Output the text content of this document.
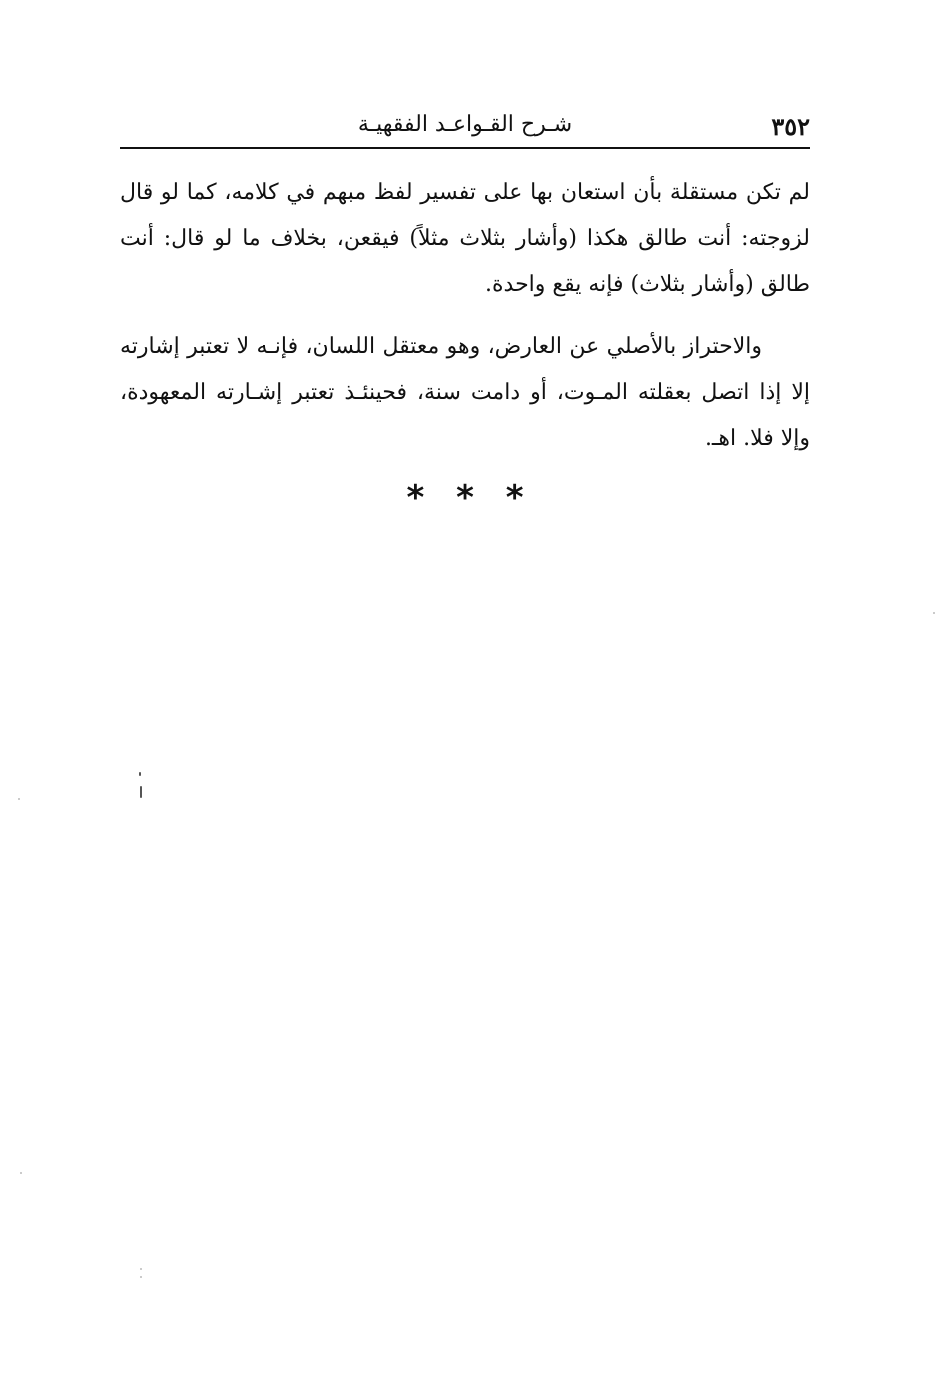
٣٥٢
شـرح القـواعـد الفقهيـة

لم تكن مستقلة بأن استعان بها على تفسير لفظ مبهم في كلامه، كما لو قال لزوجته: أنت طالق هكذا (وأشار بثلاث مثلاً) فيقعن، بخلاف ما لو قال: أنت طالق (وأشار بثلاث) فإنه يقع واحدة.

والاحتراز بالأصلي عن العارض، وهو معتقل اللسان، فإنـه لا تعتبر إشارته إلا إذا اتصل بعقلته المـوت، أو دامت سنة، فحينئـذ تعتبر إشـارته المعهودة، وإلا فلا. اهـ.

* * *
